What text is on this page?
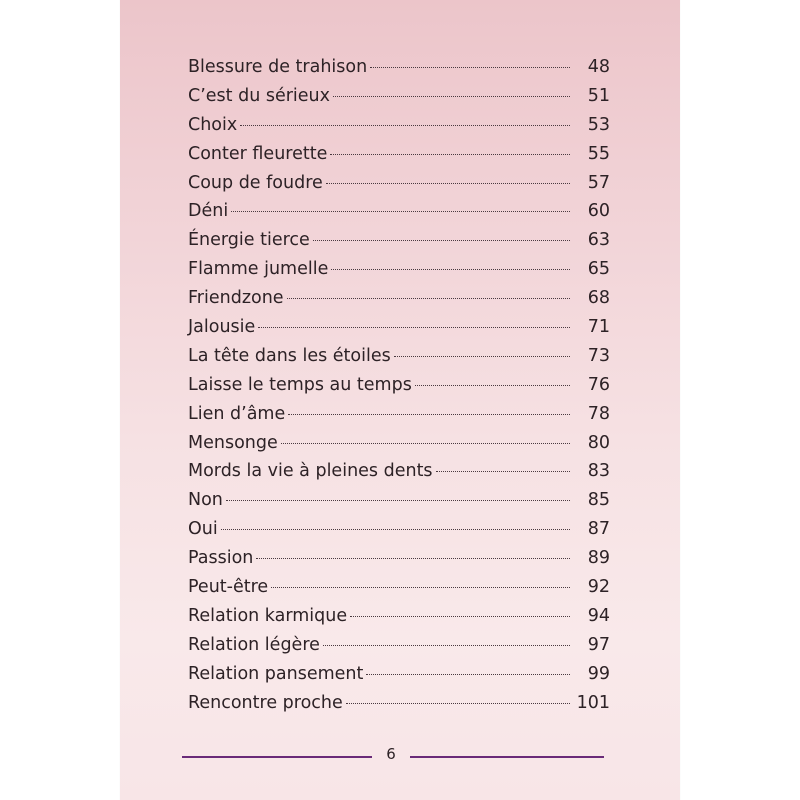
Blessure de trahison	48
C’est du sérieux	51
Choix	53
Conter fleurette	55
Coup de foudre	57
Déni	60
Énergie tierce	63
Flamme jumelle	65
Friendzone	68
Jalousie	71
La tête dans les étoiles	73
Laisse le temps au temps	76
Lien d’âme	78
Mensonge	80
Mords la vie à pleines dents	83
Non	85
Oui	87
Passion	89
Peut-être	92
Relation karmique	94
Relation légère	97
Relation pansement	99
Rencontre proche	101
6
